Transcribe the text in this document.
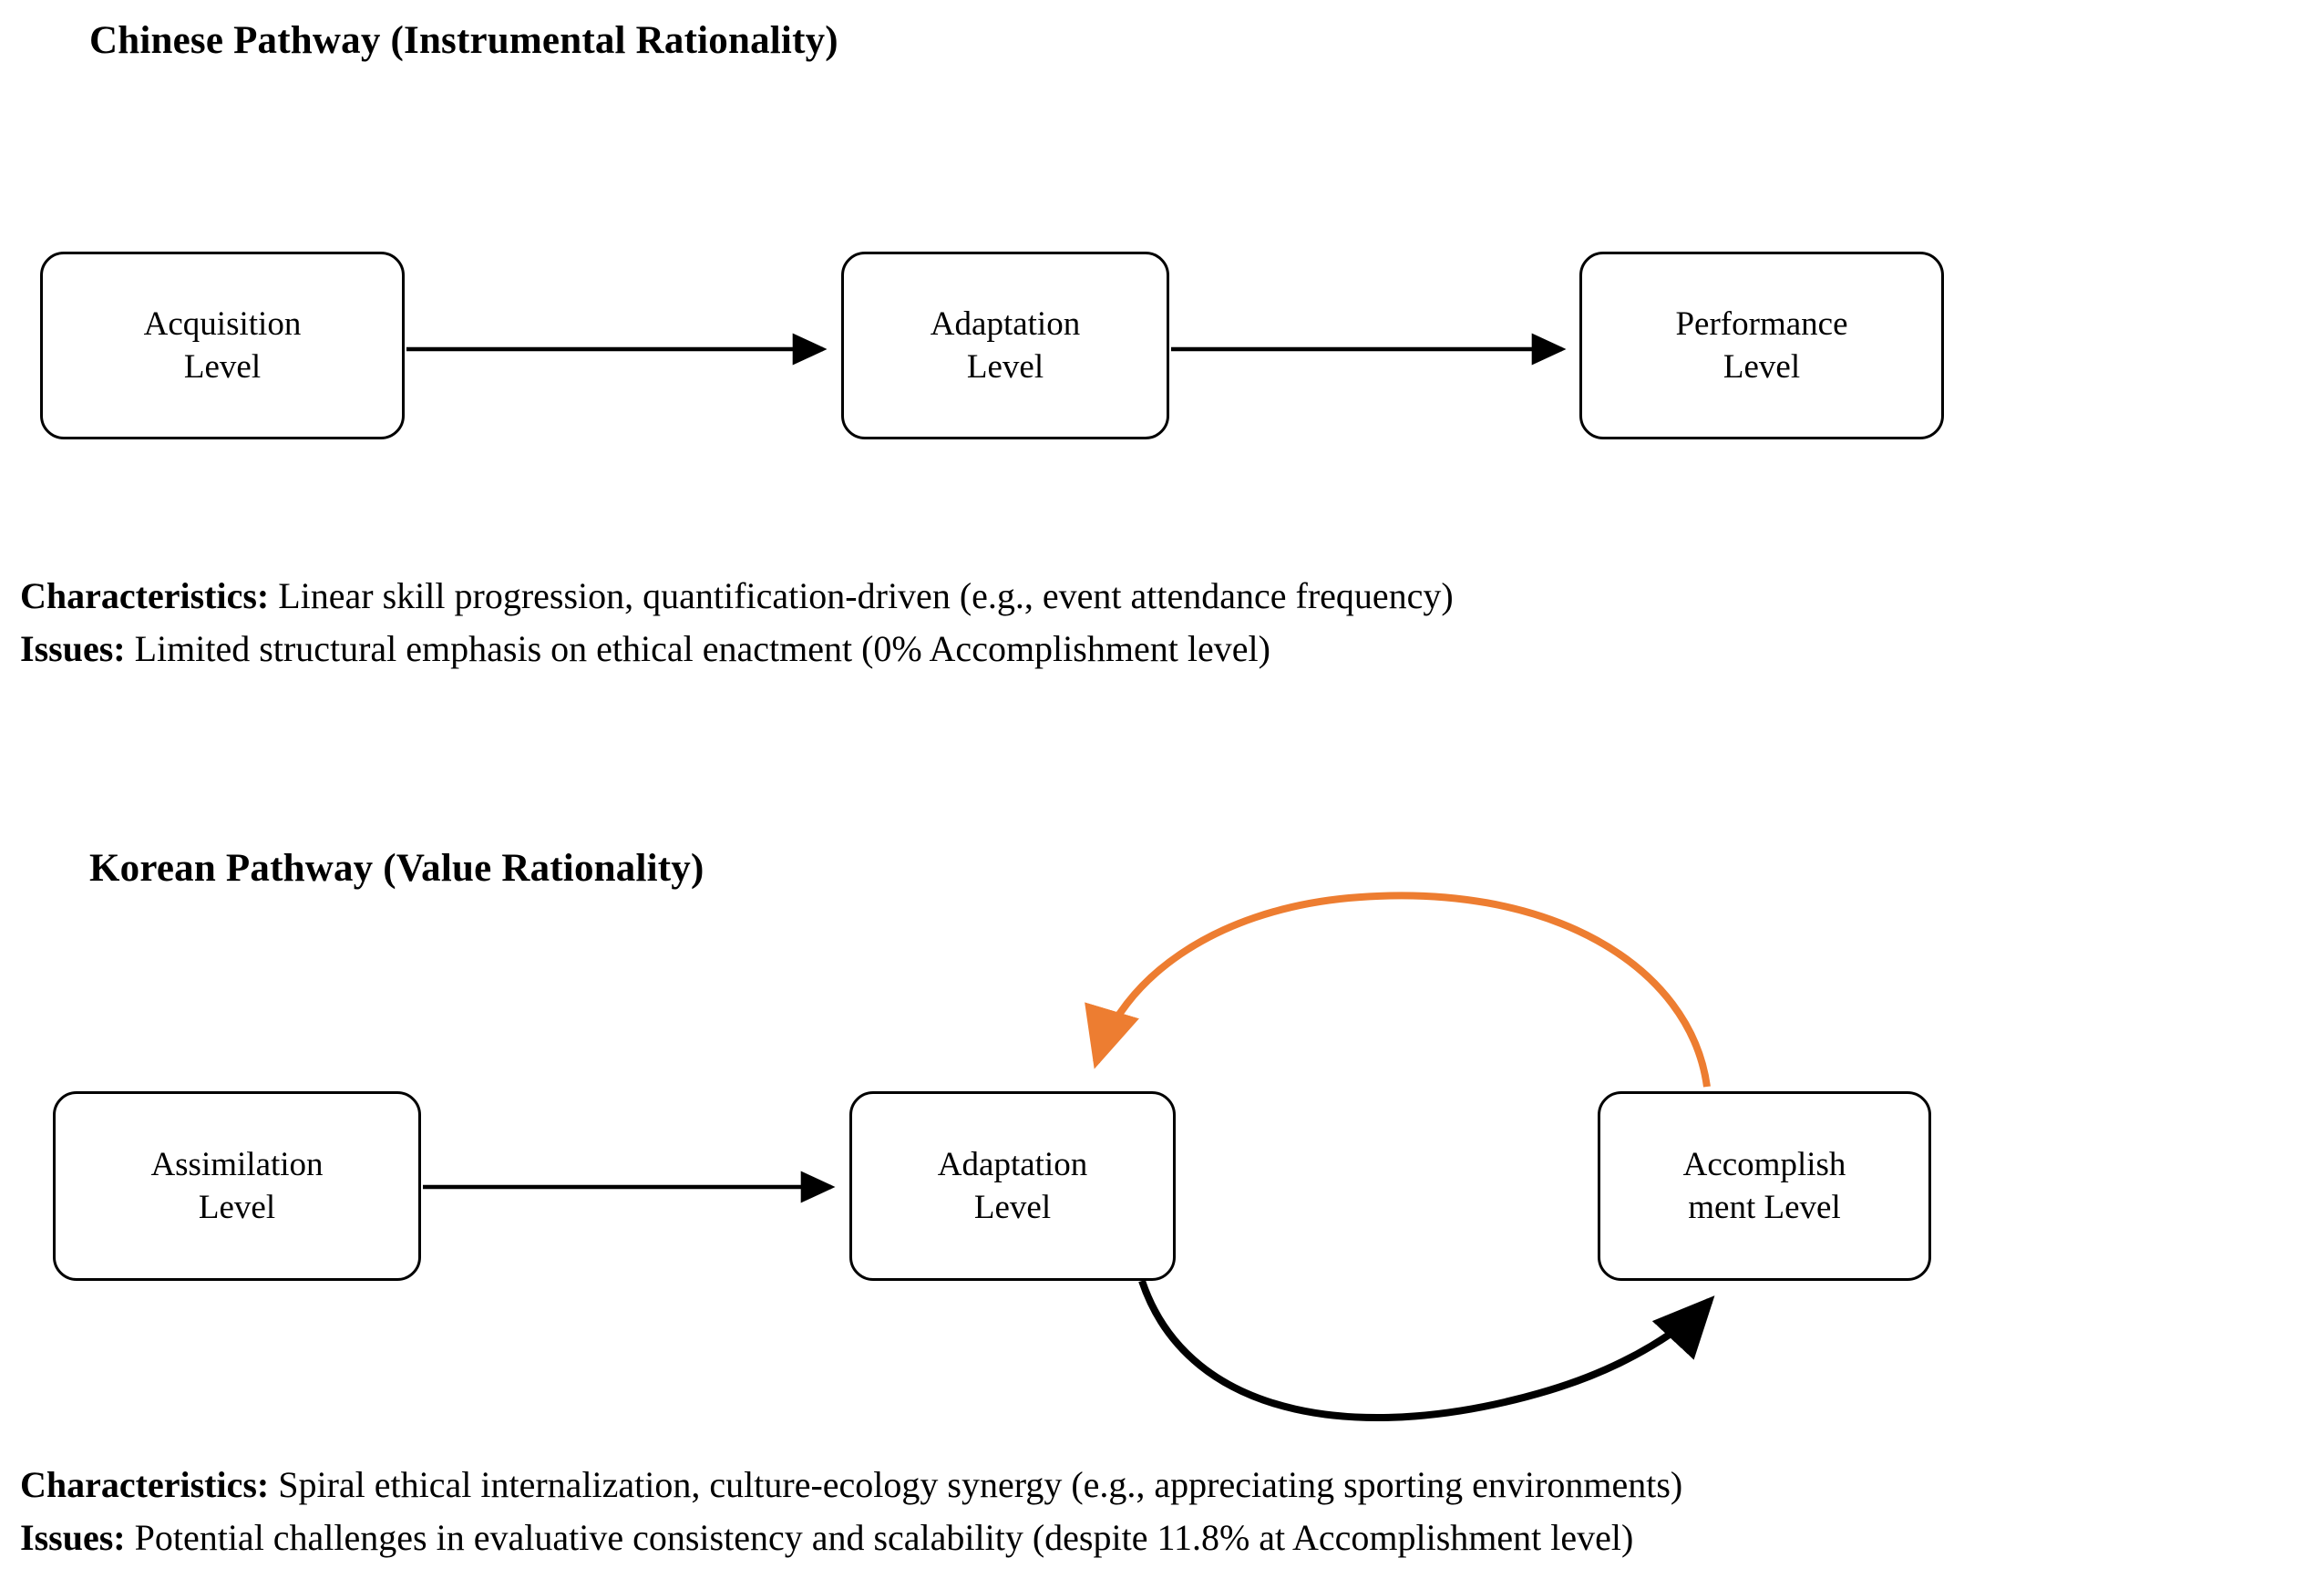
Chinese Pathway (Instrumental Rationality)
Acquisition
Level
Adaptation
Level
Performance
Level
Characteristics: Linear skill progression, quantification-driven (e.g., event attendance frequency)
Issues: Limited structural emphasis on ethical enactment (0% Accomplishment level)
Korean Pathway (Value Rationality)
Assimilation
Level
Adaptation
Level
Accomplish
ment Level
Characteristics: Spiral ethical internalization, culture-ecology synergy (e.g., appreciating sporting environments)
Issues: Potential challenges in evaluative consistency and scalability (despite 11.8% at Accomplishment level)
